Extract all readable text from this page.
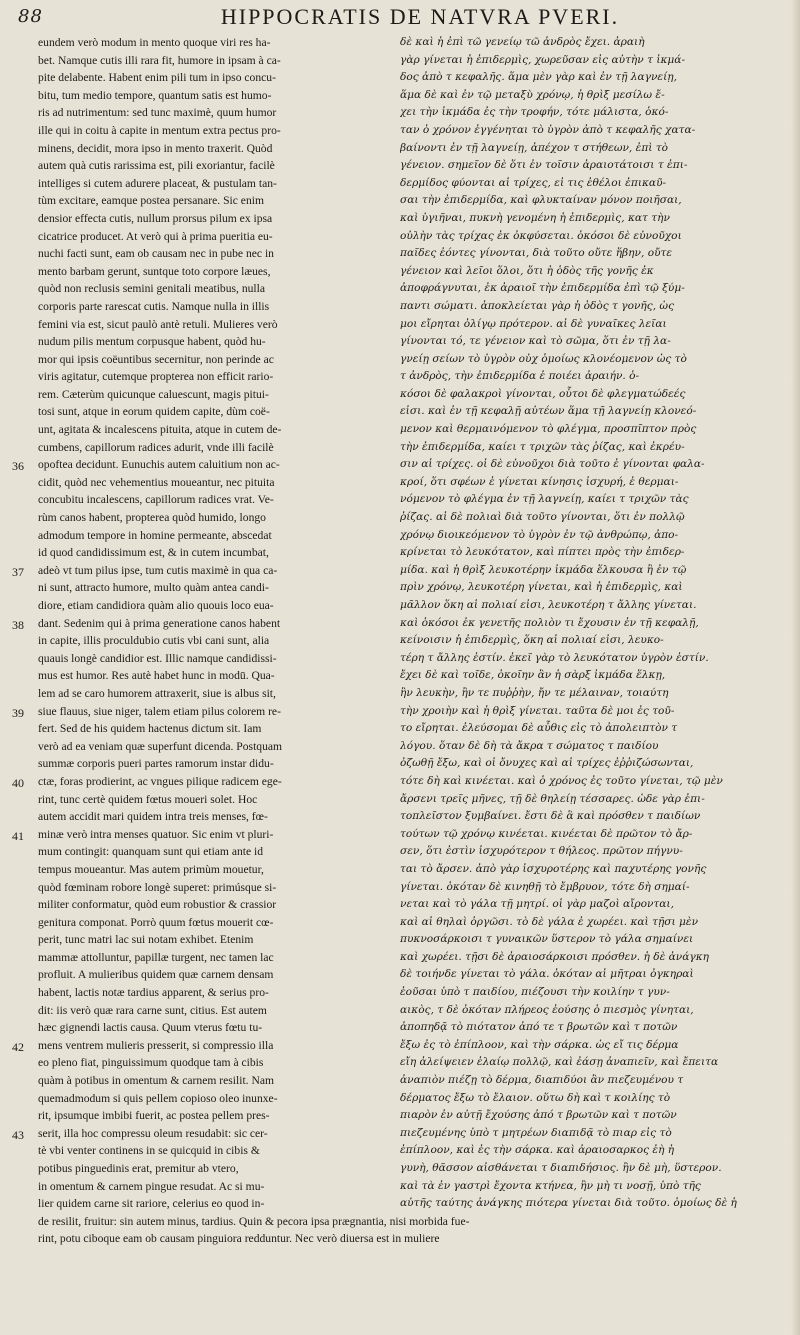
88	HIPPOCRATIS DE NATVRA PVERI.
eundem verò modum in mento quoque viri res ha-
bet. Namque cutis illi rara fit, humore in ipsam à ca-
pite delabente. Habent enim pili tum in ipso concu-
bitu, tum medio tempore, quantum satis est humo-
ris ad nutrimentum: sed tunc maximè, quum humor
ille qui in coitu à capite in mentum extra pectus pro-
minens, decidit, mora ipso in mento traxerit. Quòd
autem quà cutis rarissima est, pili exoriantur, facilè
intelliges si cutem adurere placeat, & pustulam tan-
tùm excitare, eamque postea persanare. Sic enim
densior effecta cutis, nullum prorsus pilum ex ipsa
cicatrice producet. At verò qui à prima pueritia eu-
nuchi facti sunt, eam ob causam nec in pube nec in
mento barbam gerunt, suntque toto corpore læues,
quòd non reclusis semini genitali meatibus, nulla
corporis parte rarescat cutis. Namque nulla in illis
femini via est, sicut paulò antè retuli. Mulieres verò
nudum pilis mentum corpusque habent, quòd hu-
mor qui ipsis coëuntibus secernitur, non perinde ac
viris agitatur, cutemque propterea non efficit rario-
rem. Cæterùm quicunque caluescunt, magis pitui-
tosi sunt, atque in eorum quidem capite, dùm coë-
unt, agitata & incalescens pituita, atque in cutem de-
cumbens, capillorum radices adurit, vnde illi facilè
opoftea decidunt. Eunuchis autem caluitium non ac-
cidit, quòd nec vehementius moueantur, nec pituita
concubitu incalescens, capillorum radices vrat. Ve-
rùm canos habent, propterea quòd humido, longo
admodum tempore in homine permeante, abscedat
id quod candidissimum est, & in cutem incumbat,
adeò vt tum pilus ipse, tum cutis maximè in qua ca-
ni sunt, attracto humore, multo quàm antea candi-
diore, etiam candidiora quàm alio quouis loco eua-
dant. Sedenim qui à prima generatione canos habent
in capite, illis proculdubio cutis vbi cani sunt, alia
quauis longè candidior est. Illic namque candidissi-
mus est humor. Res autè habet hunc in modū. Qua-
lem ad se caro humorem attraxerit, siue is albus sit,
siue flauus, siue niger, talem etiam pilus colorem re-
fert. Sed de his quidem hactenus dictum sit. Iam
verò ad ea veniam quæ superfunt dicenda. Postquam
summæ corporis pueri partes ramorum instar didu-
ctæ, foras prodierint, ac vngues pilique radicem ege-
rint, tunc certè quidem fœtus moueri solet. Hoc
autem accidit mari quidem intra treis menses, fœ-
minæ verò intra menses quatuor. Sic enim vt pluri-
mum contingit: quanquam sunt qui etiam ante id
tempus moueantur. Mas autem primùm mouetur,
quòd fœminam robore longè superet: primúsque si-
militer conformatur, quòd eum robustior & crassior
genitura componat. Porrò quum fœtus mouerit cœ-
perit, tunc matri lac sui notam exhibet. Etenim
mammæ attolluntur, papillæ turgent, nec tamen lac
profluit. A mulieribus quidem quæ carnem densam
habent, lactis notæ tardius apparent, & serius pro-
dit: iis verò quæ rara carne sunt, citius. Est autem
hæc gignendi lactis causa. Quum vterus fœtu tu-
mens ventrem mulieris presserit, si compressio illa
eo pleno fiat, pinguissimum quodque tam à cibis
quàm à potibus in omentum & carnem resilit. Nam
quemadmodum si quis pellem copioso oleo inunxe-
rit, ipsumque imbibi fuerit, ac postea pellem pres-
serit, illa hoc compressu oleum resudabit: sic cer-
tè vbi venter continens in se quicquid in cibis &
potibus pinguedinis erat, premitur ab vtero,
in omentum & carnem pingue resudat. Ac si mu-
lier quidem carne sit rariore, celerius eo quod in-
de resilit, fruitur: sin autem minus, tardius. Quin & pecora ipsa prægnantia, nisi morbida fue-
rint, potu ciboque eam ob causam pinguiora redduntur. Nec verò diuersa est in muliere
δὲ καὶ ἡ ἐπὶ τῶ γενείῳ τῶ ἀνδρὸς ἔχει. ἀραιὴ
γὰρ γίνεται ἡ ἐπιδερμὶς, χωρεῦσαν εἰς αὐτὴν τ ἰκμά-
δος ἀπὸ τ κεφαλῆς. ἅμα μὲν γὰρ καὶ ἐν τῇ λαγνείῃ,
ἅμα δὲ καὶ ἐν τῷ μεταξὺ χρόνῳ, ἡ θρὶξ μεσίλω ἔ-
χει τὴν ἰκμάδα ἐς τὴν τροφήν, τότε μάλιστα, ὁκό-
ταν ὁ χρόνον ἐγγένηται τὸ ὑγρὸν ἀπὸ τ κεφαλῆς χατα-
βαίνοντι ἐν τῇ λαγνείῃ, ἀπέχον τ στήθεων, ἐπὶ τὸ
γένειον. σημεῖον δὲ ὅτι ἐν τοῖσιν ἀραιοτάτοισι τ ἐπι-
δερμίδος φύονται αἱ τρίχες, εἰ τις ἐθέλοι ἐπικαῦ-
σαι τὴν ἐπιδερμίδα, καὶ φλυκταίναν μόνον ποιῆσαι,
καὶ ὑγιῆναι, πυκνὴ γενομένη ἡ ἐπιδερμὶς, κατ τὴν
οὐλὴν τὰς τρίχας ἐκ ὀκφύσεται. ὁκόσοι δὲ εὐνοῦχοι
παῖδες ἐόντες γίνονται, διὰ τοῦτο οὔτε ἥβην, οὔτε
γένειον καὶ λεῖοι ὅλοι, ὅτι ἡ ὁδὸς τῆς γονῆς ἐκ
ἀποφράγνυται, ἐκ ἀραιοῖ τὴν ἐπιδερμίδα ἐπὶ τῷ ξύμ-
παντι σώματι. ἀποκλείεται γὰρ ἡ ὁδὸς τ γονῆς, ὡς
μοι εἴρηται ὀλίγῳ πρότερον. αἱ δὲ γυναῖκες λεῖαι
γίνονται τό, τε γένειον καὶ τὸ σῶμα, ὅτι ἐν τῇ λα-
γνείῃ σείων τὸ ὑγρὸν οὐχ ὁμοίως κλονέομενον ὡς τὸ
τ ἀνδρὸς, τὴν ἐπιδερμίδα ἐ ποιέει ἀραιήν. ὁ-
κόσοι δὲ φαλακροὶ γίνονται, οὗτοι δὲ φλεγματώδεές
εἰσι. καὶ ἐν τῇ κεφαλῇ αὐτέων ἅμα τῇ λαγνείῃ κλονεό-
μενον καὶ θερμαινόμενον τὸ φλέγμα, προσπῖπτον πρὸς
τὴν ἐπιδερμίδα, καίει τ τριχῶν τὰς ῥίζας, καὶ ἐκρέυ-
σιν αἱ τρίχες. οἱ δὲ εὐνοῦχοι διὰ τοῦτο ἐ γίνονται φαλα-
κροί, ὅτι σφέων ἐ γίνεται κίνησις ἰσχυρή, ἐ θερμαι-
νόμενον τὸ φλέγμα ἐν τῇ λαγνείῃ, καίει τ τριχῶν τὰς
ῥίζας. αἱ δὲ πολιαὶ διὰ τοῦτο γίνονται, ὅτι ἐν πολλῷ
χρόνῳ διοικεόμενον τὸ ὑγρὸν ἐν τῷ ἀνθρώπῳ, ἀπο-
κρίνεται τὸ λευκότατον, καὶ πίπτει πρὸς τὴν ἐπιδερ-
μίδα. καὶ ἡ θρὶξ λευκοτέρην ἰκμάδα ἕλκουσα ἢ ἐν τῷ
πρὶν χρόνῳ, λευκοτέρη γίνεται, καὶ ἡ ἐπιδερμὶς, καὶ
μᾶλλον ὅκη αἱ πολιαί εἰσι, λευκοτέρη τ ἄλλης γίνεται.
καὶ ὁκόσοι ἐκ γενετῆς πολιὸν τι ἔχουσιν ἐν τῇ κεφαλῇ,
κείνοισιν ἡ ἐπιδερμὶς, ὅκη αἱ πολιαί εἰσι, λευκο-
τέρη τ ἄλλης ἐστίν. ἐκεῖ γὰρ τὸ λευκότατον ὑγρὸν ἐστίν.
ἔχει δὲ καὶ τοῖδε, ὁκοῖην ἂν ἡ σὰρξ ἰκμάδα ἕλκῃ,
ἢν λευκὴν, ἢν τε πυῤῥὴν, ἤν τε μέλαιναν, τοιαύτη
τὴν χροιὴν καὶ ἡ θρὶξ γίνεται. ταῦτα δὲ μοι ἐς τοῦ-
το εἴρηται. ἐλεύσομαι δὲ αὖθις εἰς τὸ ἀπολειπτὸν τ
λόγου. ὅταν δὲ δὴ τὰ ἄκρα τ σώματος τ παιδίου
ὀζωθῇ ἔξω, καὶ οἱ ὄνυχες καὶ αἱ τρίχες ἐῤῥιζώσωνται,
τότε δὴ καὶ κινέεται. καὶ ὁ χρόνος ἐς τοῦτο γίνεται, τῷ μὲν
ἄρσενι τρεῖς μῆνες, τῇ δὲ θηλείῃ τέσσαρες. ὡδε γὰρ ἐπι-
τοπλεῖστον ξυμβαίνει. ἔστι δὲ ἃ καὶ πρόσθεν τ παιδίων
τούτων τῷ χρόνῳ κινέεται. κινέεται δὲ πρῶτον τὸ ἄρ-
σεν, ὅτι ἐστὶν ἰσχυρότερον τ θήλεος. πρῶτον πήγνυ-
ται τὸ ἄρσεν. ἀπὸ γὰρ ἰσχυροτέρης καὶ παχυτέρης γονῆς
γίνεται. ὁκόταν δὲ κινηθῇ τὸ ἔμβρυον, τότε δὴ σημαί-
νεται καὶ τὸ γάλα τῇ μητρί. οἱ γὰρ μαζοὶ αἴρονται,
καὶ αἱ θηλαὶ ὀργῶσι. τὸ δὲ γάλα ἐ χωρέει. καὶ τῇσι μὲν
πυκνοσάρκοισι τ γυναικῶν ὕστερον τὸ γάλα σημαίνει
καὶ χωρέει. τῇσι δὲ ἀραιοσάρκοισι πρόσθεν. ἡ δὲ ἀνάγκη
δὲ τοιήνδε γίνεται τὸ γάλα. ὁκόταν αἱ μῆτραι ὀγκηραὶ
ἐοῦσαι ὑπὸ τ παιδίου, πιέζουσι τὴν κοιλίην τ γυν-
αικὸς, τ δὲ ὁκόταν πλήρεος ἐούσης ὁ πιεσμὸς γίνηται,
ἀποπηδᾷ τὸ πιότατον ἀπό τε τ βρωτῶν καὶ τ ποτῶν
ἔξω ἐς τὸ ἐπίπλοον, καὶ τὴν σάρκα. ὡς εἴ τις δέρμα
εἴη ἀλείψειεν ἐλαίῳ πολλῷ, καὶ ἐάσῃ ἀναπιεῖν, καὶ ἔπειτα
ἀναπιὸν πιέζῃ τὸ δέρμα, διαπιδύοι ἂν πιεζευμένου τ
δέρματος ἔξω τὸ ἔλαιον. οὕτω δὴ καὶ τ κοιλίης τὸ
πιαρὸν ἐν αὐτῇ ἔχούσης ἀπό τ βρωτῶν καὶ τ ποτῶν
πιεζευμένης ὑπὸ τ μητρέων διαπιδᾷ τὸ πιαρ εἰς τὸ
ἐπίπλοον, καὶ ἐς τὴν σάρκα. καὶ ἀραιοσαρκος ἐὴ ἡ
γυνὴ, θᾶσσον αἰσθάνεται τ διαπιδήσιος. ἢν δὲ μὴ, ὕστερον.
καὶ τὰ ἐν γαστρὶ ἔχοντα κτήνεα, ἢν μὴ τι νοσῇ, ὑπὸ τῆς
αὐτῆς ταύτης ἀνάγκης πιότερα γίνεται διὰ τοῦτο. ὁμοίως δὲ ἡ
36
37
38
39
40
41
42
43
